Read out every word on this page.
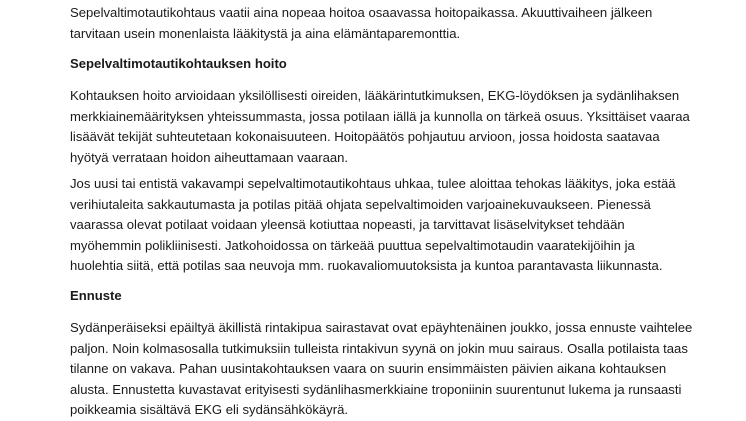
Sepelvaltimotautikohtaus vaatii aina nopeaa hoitoa osaavassa hoitopaikassa. Akuuttivaiheen jälkeen
tarvitaan usein monenlaista lääkitystä ja aina elämäntaparemonttia.

Sepelvaltimotautikohtauksen hoito

Kohtauksen hoito arvioidaan yksilöllisesti oireiden, lääkärintutkimuksen, EKG-löydöksen ja sydänlihaksen
merkkiainemäärityksen yhteissummasta, jossa potilaan iällä ja kunnolla on tärkeä osuus. Yksittäiset vaaraa
lisäävät tekijät suhteutetaan kokonaisuuteen. Hoitopäätös pohjautuu arvioon, jossa hoidosta saatavaa
hyötyä verrataan hoidon aiheuttamaan vaaraan.

Jos uusi tai entistä vakavampi sepelvaltimotautikohtaus uhkaa, tulee aloittaa tehokas lääkitys, joka estää
verihiutaleita sakkautumasta ja potilas pitää ohjata sepelvaltimoiden varjoainekuvaukseen. Pienessä
vaarassa olevat potilaat voidaan yleensä kotiuttaa nopeasti, ja tarvittavat lisäselvitykset tehdään
myöhemmin polikliinisesti. Jatkohoidossa on tärkeää puuttua sepelvaltimotaudin vaaratekijöihin ja
huolehtia siitä, että potilas saa neuvoja mm. ruokavaliomuutoksista ja kuntoa parantavasta liikunnasta.

Ennuste

Sydänperäiseksi epäiltyä äkillistä rintakipua sairastavat ovat epäyhtenäinen joukko, jossa ennuste vaihtelee
paljon. Noin kolmasosalla tutkimuksiin tulleista rintakivun syynä on jokin muu sairaus. Osalla potilaista taas
tilanne on vakava. Pahan uusintakohtauksen vaara on suurin ensimmäisten päivien aikana kohtauksen
alusta. Ennustetta kuvastavat erityisesti sydänlihasmerkkiaine troponiinin suurentunut lukema ja runsaasti
poikkeamia sisältävä EKG eli sydänsähkökäyrä.
